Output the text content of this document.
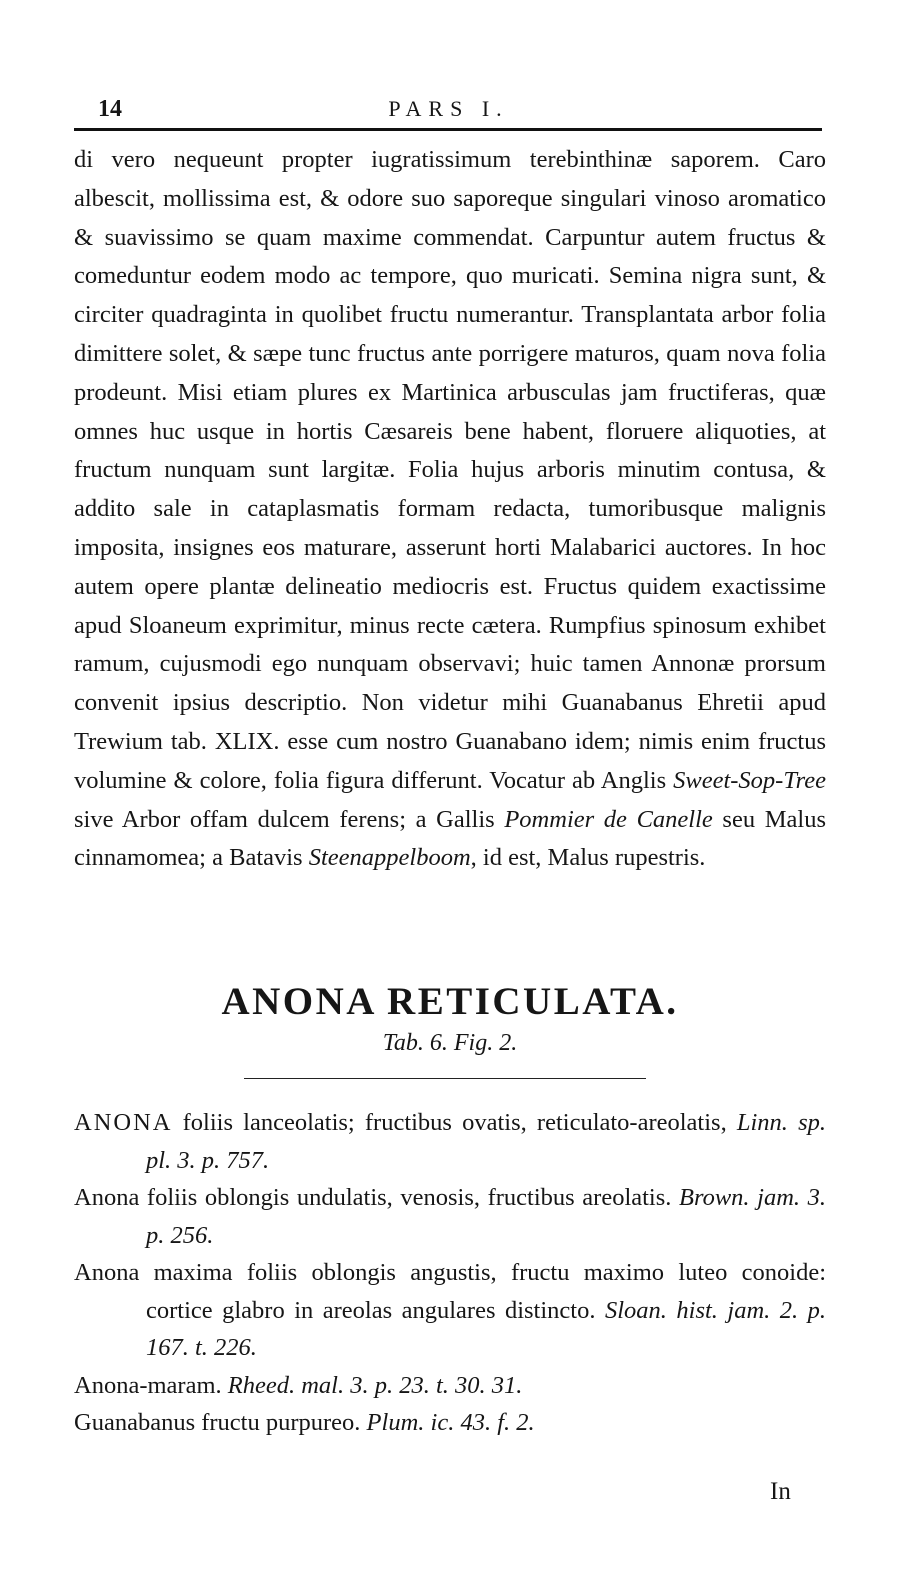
14	PARS I.

di vero nequeunt propter iugratissimum terebinthinæ saporem. Caro albescit, mollissima est, & odore suo saporeque singulari vinoso aromatico & suavissimo se quam maxime commendat. Carpuntur autem fructus & comeduntur eodem modo ac tempore, quo muricati. Semina nigra sunt, & circiter quadraginta in quolibet fructu numerantur. Transplantata arbor folia dimittere solet, & sæpe tunc fructus ante porrigere maturos, quam nova folia prodeunt. Misi etiam plures ex Martinica arbusculas jam fructiferas, quæ omnes huc usque in hortis Cæsareis bene habent, floruere aliquoties, at fructum nunquam sunt largitæ. Folia hujus arboris minutim contusa, & addito sale in cataplasmatis formam redacta, tumoribusque malignis imposita, insignes eos maturare, asserunt horti Malabarici auctores. In hoc autem opere plantæ delineatio mediocris est. Fructus quidem exactissime apud Sloaneum exprimitur, minus recte cætera. Rumpfius spinosum exhibet ramum, cujusmodi ego nunquam observavi; huic tamen Annonæ prorsum convenit ipsius descriptio. Non videtur mihi Guanabanus Ehretii apud Trewium tab. XLIX. esse cum nostro Guanabano idem; nimis enim fructus volumine & colore, folia figura differunt. Vocatur ab Anglis Sweet-Sop-Tree sive Arbor offam dulcem ferens; a Gallis Pommier de Canelle seu Malus cinnamomea; a Batavis Steenappelboom, id est, Malus rupestris.

ANONA RETICULATA.
Tab. 6. Fig. 2.
ANONA foliis lanceolatis; fructibus ovatis, reticulato-areolatis, Linn. sp. pl. 3. p. 757.
Anona foliis oblongis undulatis, venosis, fructibus areolatis. Brown. jam. 3. p. 256.
Anona maxima foliis oblongis angustis, fructu maximo luteo conoide: cortice glabro in areolas angulares distincto. Sloan. hist. jam. 2. p. 167. t. 226.
Anona-maram. Rheed. mal. 3. p. 23. t. 30. 31.
Guanabanus fructu purpureo. Plum. ic. 43. f. 2.
In
